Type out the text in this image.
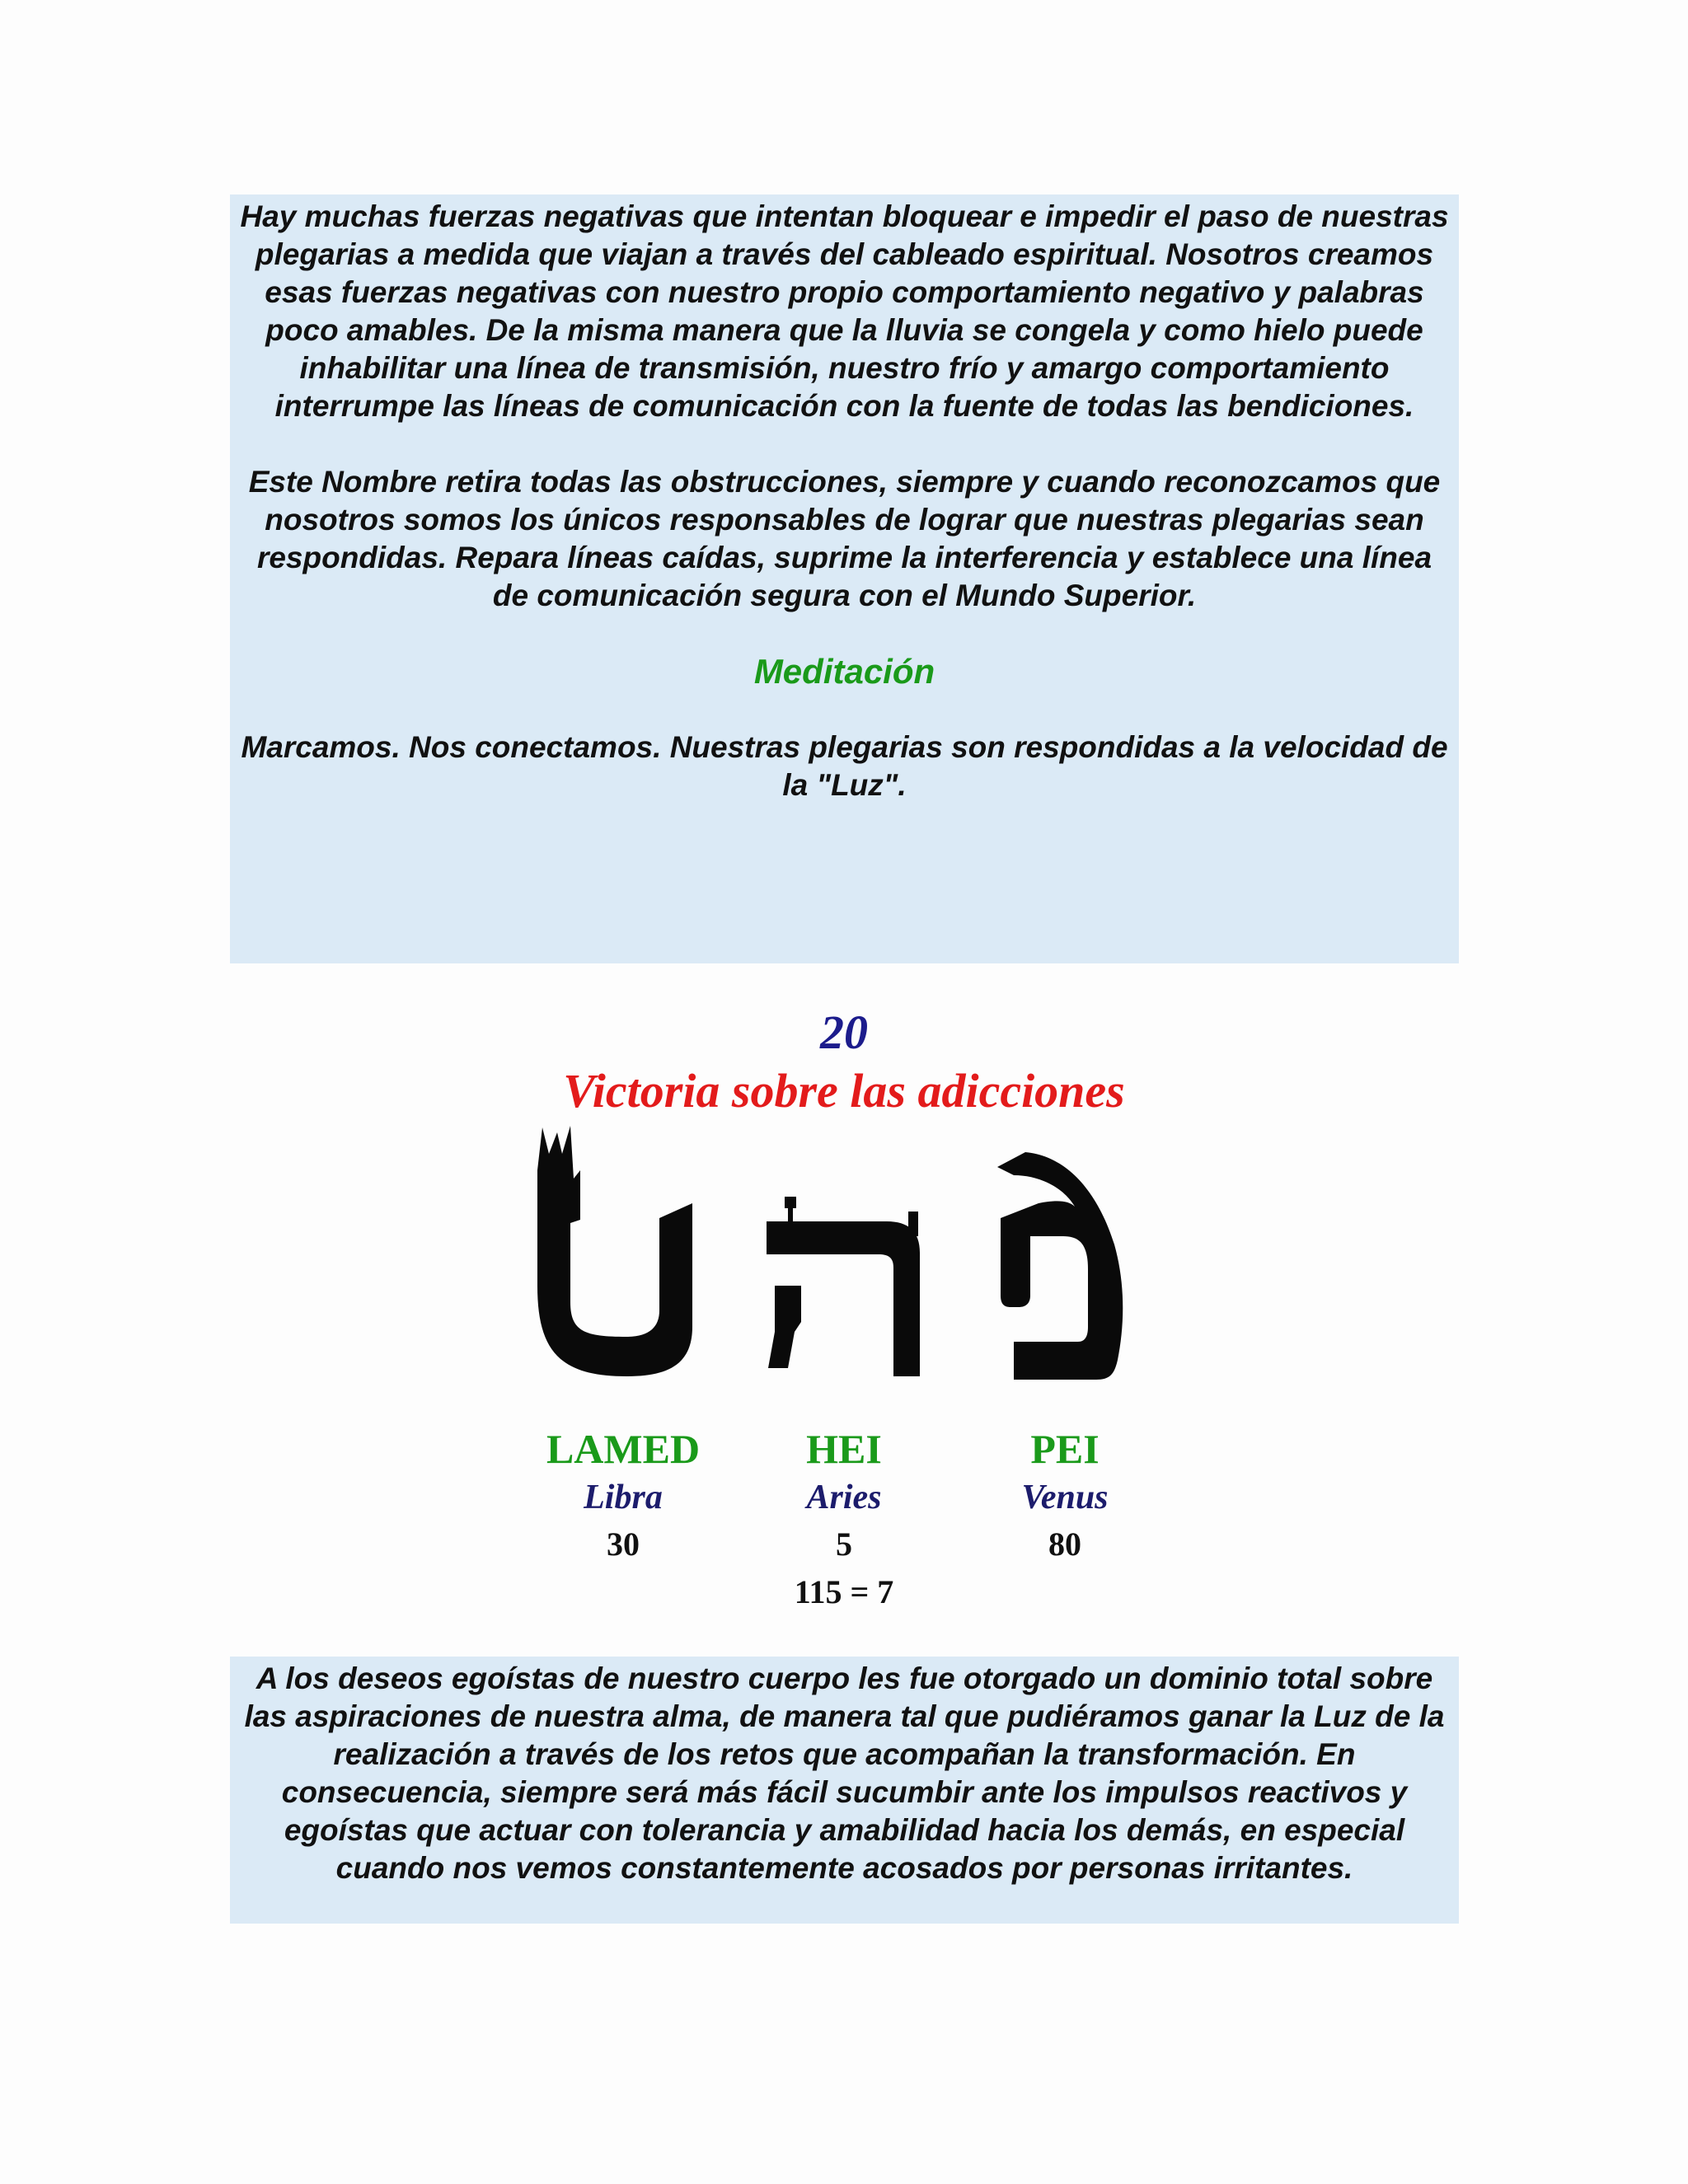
Hay muchas fuerzas negativas que intentan bloquear e impedir el paso de nuestras plegarias a medida que viajan a través del cableado espiritual. Nosotros creamos esas fuerzas negativas con nuestro propio comportamiento negativo y palabras poco amables. De la misma manera que la lluvia se congela y como hielo puede inhabilitar una línea de transmisión, nuestro frío y amargo comportamiento interrumpe las líneas de comunicación con la fuente de todas las bendiciones.

Este Nombre retira todas las obstrucciones, siempre y cuando reconozcamos que nosotros somos los únicos responsables de lograr que nuestras plegarias sean respondidas. Repara líneas caídas, suprime la interferencia y establece una línea de comunicación segura con el Mundo Superior.

Meditación

Marcamos. Nos conectamos. Nuestras plegarias son respondidas a la velocidad de la "Luz".

20
Victoria sobre las adicciones
LAMED
Libra
30
HEI
Aries
5
PEI
Venus
80
115 = 7

A los deseos egoístas de nuestro cuerpo les fue otorgado un dominio total sobre las aspiraciones de nuestra alma, de manera tal que pudiéramos ganar la Luz de la realización a través de los retos que acompañan la transformación. En consecuencia, siempre será más fácil sucumbir ante los impulsos reactivos y egoístas que actuar con tolerancia y amabilidad hacia los demás, en especial cuando nos vemos constantemente acosados por personas irritantes.
